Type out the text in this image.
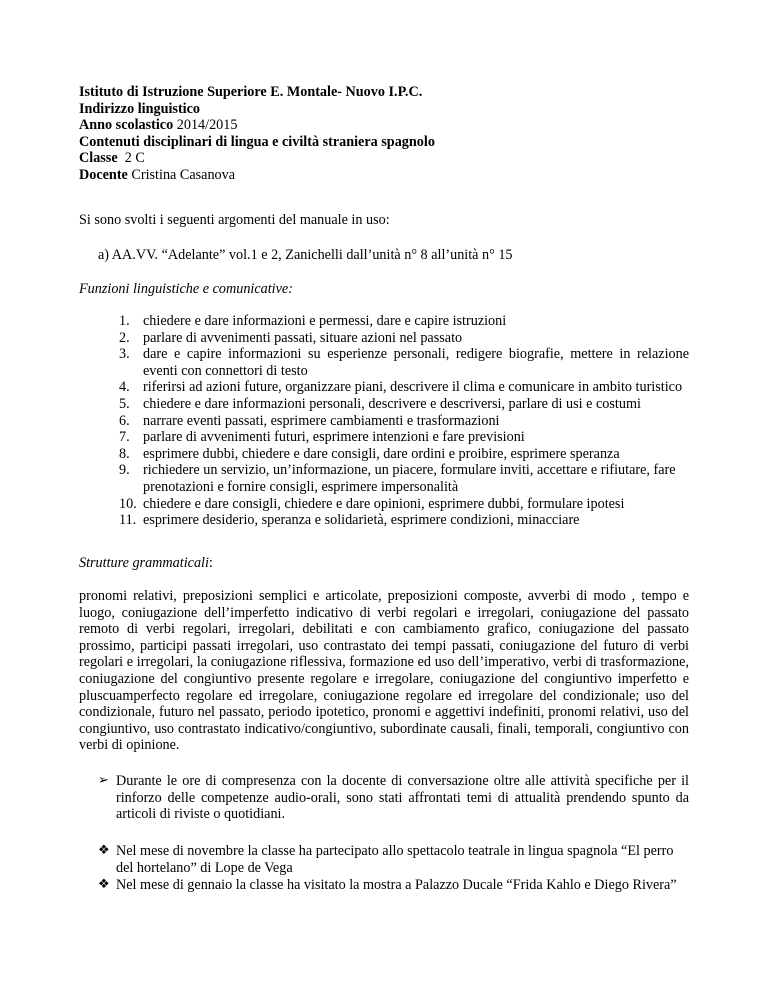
Istituto di Istruzione Superiore E. Montale- Nuovo I.P.C.
Indirizzo linguistico
Anno scolastico 2014/2015
Contenuti disciplinari di lingua e civiltà straniera spagnolo
Classe 2 C
Docente Cristina Casanova
Si sono svolti i seguenti argomenti del manuale in uso:
a) AA.VV. “Adelante” vol.1 e 2, Zanichelli dall’unità n° 8 all’unità n° 15
Funzioni linguistiche e comunicative:
1. chiedere e dare informazioni e permessi, dare e capire istruzioni
2. parlare di avvenimenti passati, situare azioni nel passato
3. dare e capire informazioni su esperienze personali, redigere biografie, mettere in relazione eventi con connettori di testo
4. riferirsi ad azioni future, organizzare piani, descrivere il clima e comunicare in ambito turistico
5. chiedere e dare informazioni personali, descrivere e descriversi, parlare di usi e costumi
6. narrare eventi passati, esprimere cambiamenti e trasformazioni
7. parlare di avvenimenti futuri, esprimere intenzioni e fare previsioni
8. esprimere dubbi, chiedere e dare consigli, dare ordini e proibire, esprimere speranza
9. richiedere un servizio, un’informazione, un piacere, formulare inviti, accettare e rifiutare, fare prenotazioni e fornire consigli, esprimere impersonalità
10. chiedere e dare consigli, chiedere e dare opinioni, esprimere dubbi, formulare ipotesi
11. esprimere desiderio, speranza e solidarietà, esprimere condizioni, minacciare
Strutture grammaticali:
pronomi relativi, preposizioni semplici e articolate, preposizioni composte, avverbi di modo , tempo e luogo, coniugazione dell’imperfetto indicativo di verbi regolari e irregolari, coniugazione del passato remoto di verbi regolari, irregolari, debilitati e con cambiamento grafico, coniugazione del passato prossimo, participi passati irregolari, uso contrastato dei tempi passati, coniugazione del futuro di verbi regolari e irregolari, la coniugazione riflessiva, formazione ed uso dell’imperativo, verbi di trasformazione, coniugazione del congiuntivo presente regolare e irregolare, coniugazione del congiuntivo imperfetto e pluscuamperfecto regolare ed irregolare, coniugazione regolare ed irregolare del condizionale; uso del condizionale, futuro nel passato, periodo ipotetico, pronomi e aggettivi indefiniti, pronomi relativi, uso del congiuntivo, uso contrastato indicativo/congiuntivo, subordinate causali, finali, temporali, congiuntivo con verbi di opinione.
➢ Durante le ore di compresenza con la docente di conversazione oltre alle attività specifiche per il rinforzo delle competenze audio-orali, sono stati affrontati temi di attualità prendendo spunto da articoli di riviste o quotidiani.
❖ Nel mese di novembre la classe ha partecipato allo spettacolo teatrale in lingua spagnola “El perro del hortelano” di Lope de Vega
❖ Nel mese di gennaio la classe ha visitato la mostra a Palazzo Ducale “Frida Kahlo e Diego Rivera”
